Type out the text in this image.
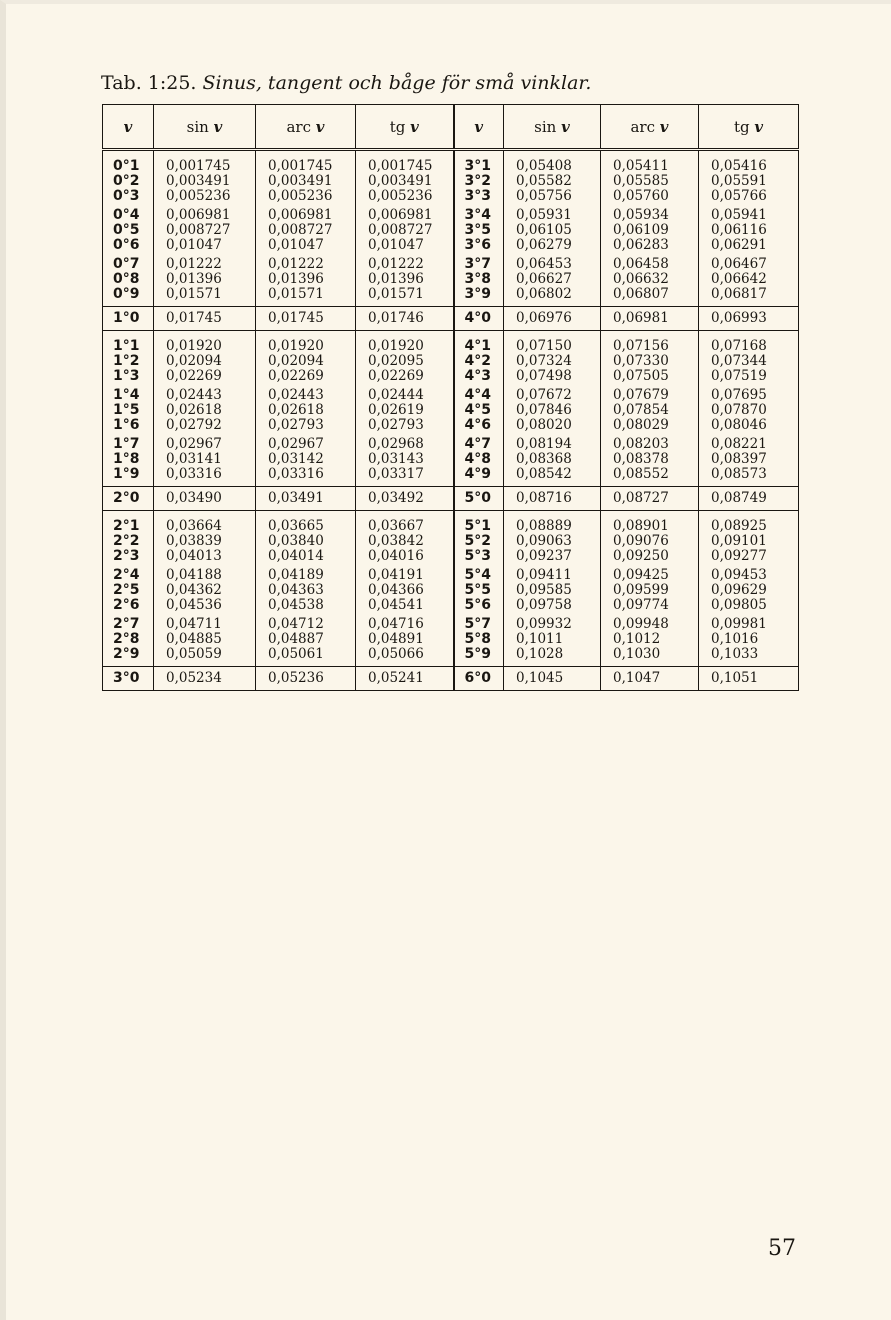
Tab. 1:25. Sinus, tangent och båge för små vinklar.
v	sin v	arc v	tg v	v	sin v	arc v	tg v
0°1	0,001745	0,001745	0,001745	3°1	0,05408	0,05411	0,05416
0°2	0,003491	0,003491	0,003491	3°2	0,05582	0,05585	0,05591
0°3	0,005236	0,005236	0,005236	3°3	0,05756	0,05760	0,05766
0°4	0,006981	0,006981	0,006981	3°4	0,05931	0,05934	0,05941
0°5	0,008727	0,008727	0,008727	3°5	0,06105	0,06109	0,06116
0°6	0,01047	0,01047	0,01047	3°6	0,06279	0,06283	0,06291
0°7	0,01222	0,01222	0,01222	3°7	0,06453	0,06458	0,06467
0°8	0,01396	0,01396	0,01396	3°8	0,06627	0,06632	0,06642
0°9	0,01571	0,01571	0,01571	3°9	0,06802	0,06807	0,06817
1°0	0,01745	0,01745	0,01746	4°0	0,06976	0,06981	0,06993
1°1	0,01920	0,01920	0,01920	4°1	0,07150	0,07156	0,07168
1°2	0,02094	0,02094	0,02095	4°2	0,07324	0,07330	0,07344
1°3	0,02269	0,02269	0,02269	4°3	0,07498	0,07505	0,07519
1°4	0,02443	0,02443	0,02444	4°4	0,07672	0,07679	0,07695
1°5	0,02618	0,02618	0,02619	4°5	0,07846	0,07854	0,07870
1°6	0,02792	0,02793	0,02793	4°6	0,08020	0,08029	0,08046
1°7	0,02967	0,02967	0,02968	4°7	0,08194	0,08203	0,08221
1°8	0,03141	0,03142	0,03143	4°8	0,08368	0,08378	0,08397
1°9	0,03316	0,03316	0,03317	4°9	0,08542	0,08552	0,08573
2°0	0,03490	0,03491	0,03492	5°0	0,08716	0,08727	0,08749
2°1	0,03664	0,03665	0,03667	5°1	0,08889	0,08901	0,08925
2°2	0,03839	0,03840	0,03842	5°2	0,09063	0,09076	0,09101
2°3	0,04013	0,04014	0,04016	5°3	0,09237	0,09250	0,09277
2°4	0,04188	0,04189	0,04191	5°4	0,09411	0,09425	0,09453
2°5	0,04362	0,04363	0,04366	5°5	0,09585	0,09599	0,09629
2°6	0,04536	0,04538	0,04541	5°6	0,09758	0,09774	0,09805
2°7	0,04711	0,04712	0,04716	5°7	0,09932	0,09948	0,09981
2°8	0,04885	0,04887	0,04891	5°8	0,1011	0,1012	0,1016
2°9	0,05059	0,05061	0,05066	5°9	0,1028	0,1030	0,1033
3°0	0,05234	0,05236	0,05241	6°0	0,1045	0,1047	0,1051
57
